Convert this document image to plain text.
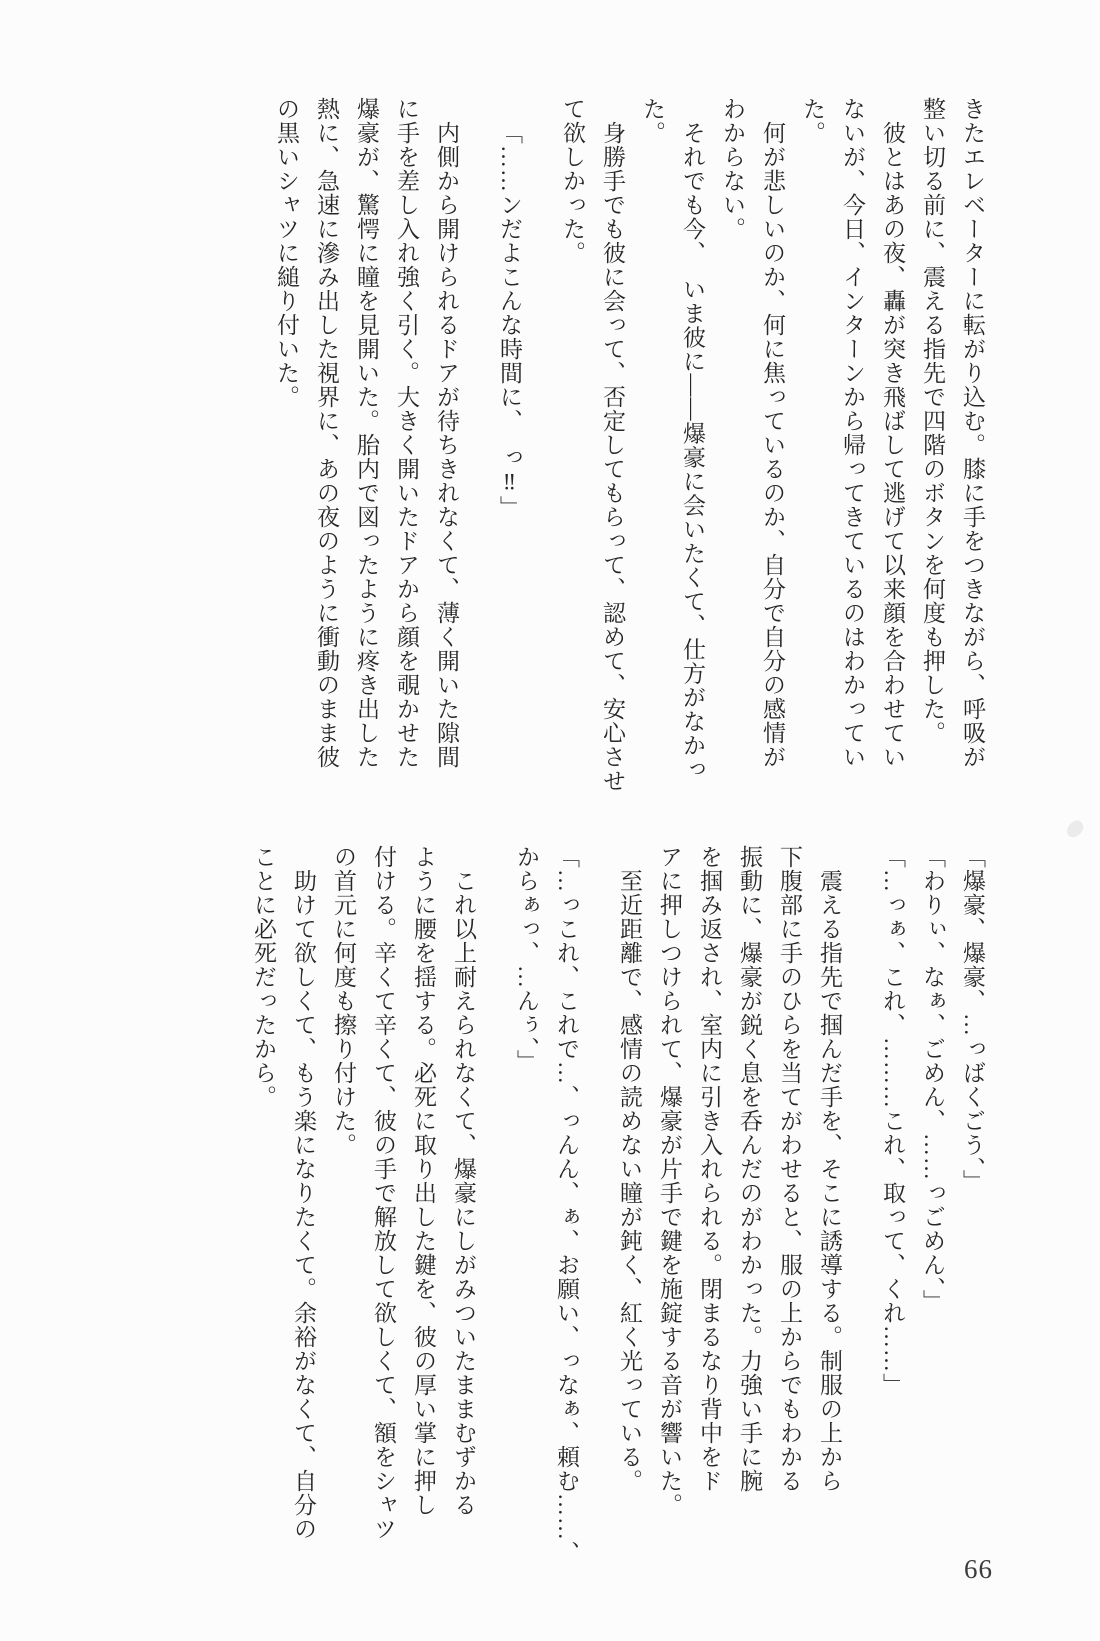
きたエレベーターに転がり込む。膝に手をつきながら、呼吸が

整い切る前に、震える指先で四階のボタンを何度も押した。

彼とはあの夜、轟が突き飛ばして逃げて以来顔を合わせてい

ないが、今日、インターンから帰ってきているのはわかってい

た。

何が悲しいのか、何に焦っているのか、自分で自分の感情が

わからない。

それでも今、　いま彼に――爆豪に会いたくて、仕方がなかっ

た。

身勝手でも彼に会って、否定してもらって、認めて、安心させ

て欲しかった。

「……ンだよこんな時間に、　っ‼」

内側から開けられるドアが待ちきれなくて、薄く開いた隙間

に手を差し入れ強く引く。大きく開いたドアから顔を覗かせた

爆豪が、驚愕に瞳を見開いた。胎内で図ったように疼き出した

熱に、急速に滲み出した視界に、あの夜のように衝動のまま彼

の黒いシャツに縋り付いた。

「爆豪、爆豪、…っばくごう、」

「わりぃ、なぁ、ごめん、……っごめん、」

「…っぁ、これ、………これ、取って、くれ……」

震える指先で掴んだ手を、そこに誘導する。制服の上から

下腹部に手のひらを当てがわせると、服の上からでもわかる

振動に、爆豪が鋭く息を呑んだのがわかった。力強い手に腕

を掴み返され、室内に引き入れられる。閉まるなり背中をド

アに押しつけられて、爆豪が片手で鍵を施錠する音が響いた。

至近距離で、感情の読めない瞳が鈍く、紅く光っている。

「…っこれ、これで…、っんん、ぁ、お願い、っなぁ、頼む……、

からぁっ、…んぅ、」

これ以上耐えられなくて、爆豪にしがみついたままむずかる

ように腰を揺する。必死に取り出した鍵を、彼の厚い掌に押し

付ける。辛くて辛くて、彼の手で解放して欲しくて、額をシャツ

の首元に何度も擦り付けた。

助けて欲しくて、もう楽になりたくて。余裕がなくて、自分の

ことに必死だったから。

66
